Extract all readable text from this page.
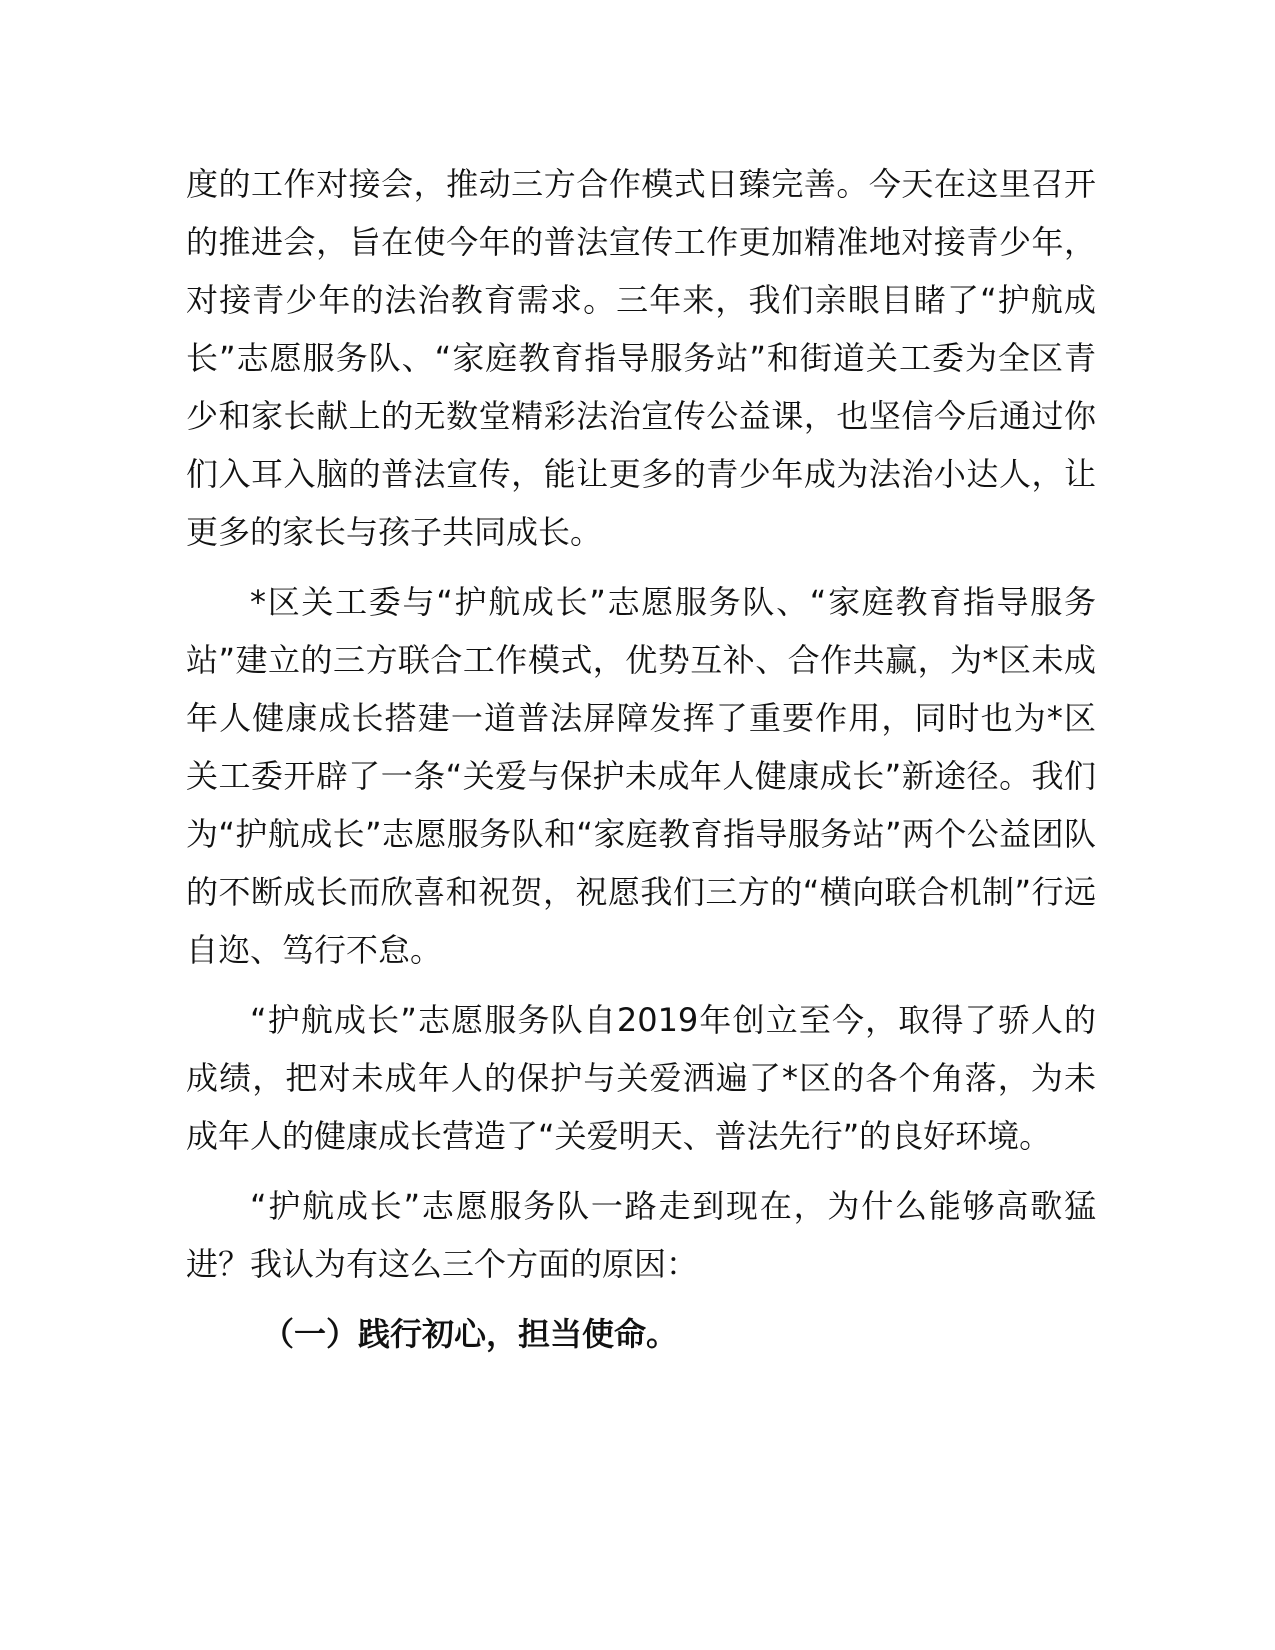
度的工作对接会，推动三方合作模式日臻完善。今天在这里召开的推进会，旨在使今年的普法宣传工作更加精准地对接青少年，对接青少年的法治教育需求。三年来，我们亲眼目睹了“护航成长”志愿服务队、“家庭教育指导服务站”和街道关工委为全区青少和家长献上的无数堂精彩法治宣传公益课，也坚信今后通过你们入耳入脑的普法宣传，能让更多的青少年成为法治小达人，让更多的家长与孩子共同成长。

*区关工委与“护航成长”志愿服务队、“家庭教育指导服务站”建立的三方联合工作模式，优势互补、合作共赢，为*区未成年人健康成长搭建一道普法屏障发挥了重要作用，同时也为*区关工委开辟了一条“关爱与保护未成年人健康成长”新途径。我们为“护航成长”志愿服务队和“家庭教育指导服务站”两个公益团队的不断成长而欣喜和祝贺，祝愿我们三方的“横向联合机制”行远自迩、笃行不怠。

“护航成长”志愿服务队自2019年创立至今，取得了骄人的成绩，把对未成年人的保护与关爱洒遍了*区的各个角落，为未成年人的健康成长营造了“关爱明天、普法先行”的良好环境。

“护航成长”志愿服务队一路走到现在，为什么能够高歌猛进？我认为有这么三个方面的原因：

（一）践行初心，担当使命。
